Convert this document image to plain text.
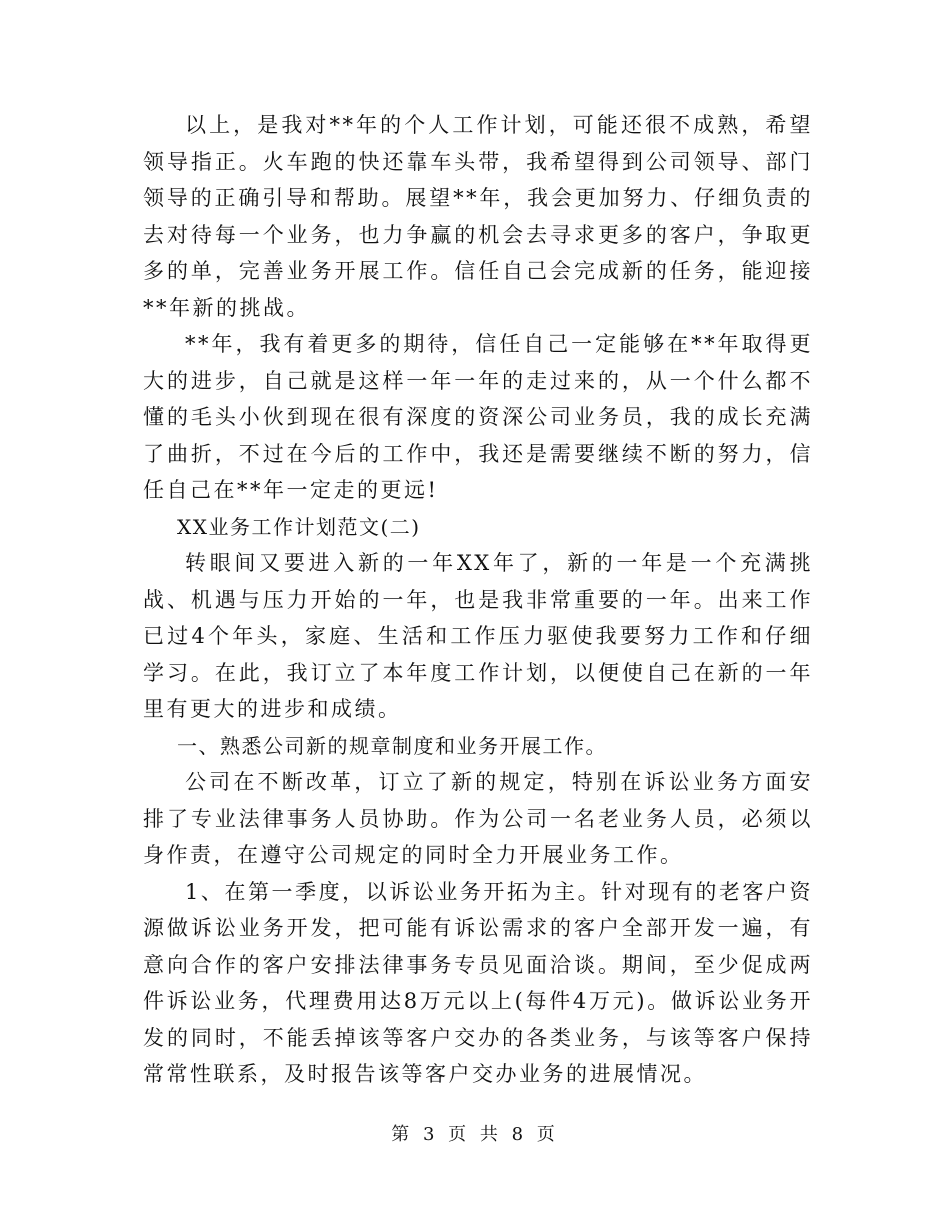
以上，是我对**年的个人工作计划，可能还很不成熟，希望领导指正。火车跑的快还靠车头带，我希望得到公司领导、部门领导的正确引导和帮助。展望**年，我会更加努力、仔细负责的去对待每一个业务，也力争赢的机会去寻求更多的客户，争取更多的单，完善业务开展工作。信任自己会完成新的任务，能迎接**年新的挑战。

**年，我有着更多的期待，信任自己一定能够在**年取得更大的进步，自己就是这样一年一年的走过来的，从一个什么都不懂的毛头小伙到现在很有深度的资深公司业务员，我的成长充满了曲折，不过在今后的工作中，我还是需要继续不断的努力，信任自己在**年一定走的更远!

XX业务工作计划范文(二)

转眼间又要进入新的一年XX年了，新的一年是一个充满挑战、机遇与压力开始的一年，也是我非常重要的一年。出来工作已过4个年头，家庭、生活和工作压力驱使我要努力工作和仔细学习。在此，我订立了本年度工作计划，以便使自己在新的一年里有更大的进步和成绩。

一、熟悉公司新的规章制度和业务开展工作。

公司在不断改革，订立了新的规定，特别在诉讼业务方面安排了专业法律事务人员协助。作为公司一名老业务人员，必须以身作责，在遵守公司规定的同时全力开展业务工作。

1、在第一季度，以诉讼业务开拓为主。针对现有的老客户资源做诉讼业务开发，把可能有诉讼需求的客户全部开发一遍，有意向合作的客户安排法律事务专员见面洽谈。期间，至少促成两件诉讼业务，代理费用达8万元以上(每件4万元)。做诉讼业务开发的同时，不能丢掉该等客户交办的各类业务，与该等客户保持常常性联系，及时报告该等客户交办业务的进展情况。

第 3 页 共 8 页
